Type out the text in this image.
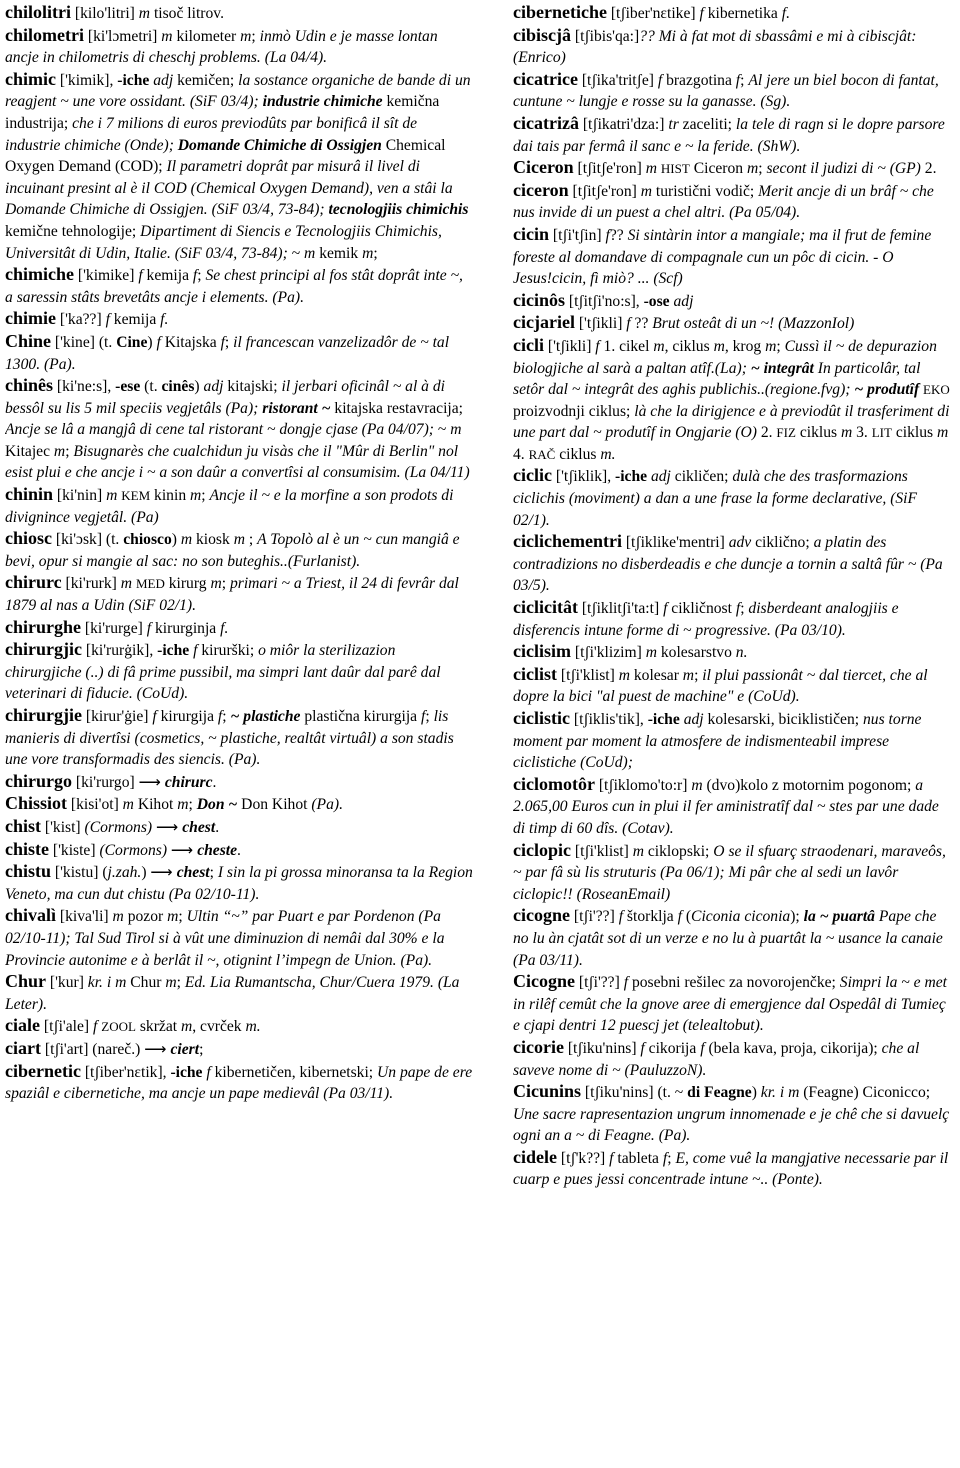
chilolitri [kilo'litri] m tisoč litrov.

chilometri [ki'lɔmetri] m kilometer m; inmò Udin e je masse lontan ancje in chilometris di cheschj problems. (La 04/4).

chimic ['kimik], -iche adj kemičen; la sostance organiche de bande di un reagjent ~ une vore ossidant. (SiF 03/4); industrie chimiche kemična industrija; che i 7 milions di euros previodûts par bonificâ il sît de industrie chimiche (Onde); Domande Chimiche di Ossigjen Chemical Oxygen Demand (COD); Il parametri doprât par misurâ il livel di incuinant presint al è il COD (Chemical Oxygen Demand), ven a stâi la Domande Chimiche di Ossigjen. (SiF 03/4, 73-84); tecnologjiis chimichis kemične tehnologije; Dipartiment di Siencis e Tecnologjiis Chimichis, Universitât di Udin, Italie. (SiF 03/4, 73-84); ~ m kemik m;

chimiche ['kimike] f kemija f; Se chest principi al fos stât doprât inte ~, a saressin stâts brevetâts ancje i elements. (Pa).

chimie ['ka??] f kemija f.

Chine ['kine] (t. Cine) f Kitajska f; il francescan vanzelizadôr de ~ tal 1300. (Pa).

chinês [ki'ne:s], -ese (t. cinês) adj kitajski; il jerbari oficinâl ~ al à di bessôl su lis 5 mil speciis vegjetâls (Pa); ristorant ~ kitajska restavracija; Ancje se lâ a mangjâ di cene tal ristorant ~ dongje cjase (Pa 04/07); ~ m Kitajec m; Bisugnarès che cualchidun ju visàs che il "Mûr di Berlin" nol esist plui e che ancje i ~ a son daûr a convertîsi al consumisim. (La 04/11)

chinin [ki'nin] m KEM kinin m; Ancje il ~ e la morfine a son prodots di divignince vegjetâl. (Pa)

chiosc [ki'ɔsk] (t. chiosco) m kiosk m ; A Topolò al è un ~ cun mangiâ e bevi, opur si mangie al sac: no son buteghis..(Furlanist).

chirurc [ki'rurk] m MED kirurg m; primari ~ a Triest, il 24 di fevrâr dal 1879 al nas a Udin (SiF 02/1).

chirurghe [ki'rurge] f kirurginja f.

chirurgjic [ki'rurġik], -iche f kirurški; o miôr la sterilizazion chirurgjiche (..) di fâ prime pussibil, ma simpri lant daûr dal parê dal veterinari di fiducie. (CoUd).

chirurgjie [kirur'ġie] f kirurgija f; ~ plastiche plastična kirurgija f; lis manieris di divertîsi (cosmetics, ~ plastiche, realtât virtuâl) a son stadis une vore transformadis des siencis. (Pa).

chirurgo [ki'rurgo] ⟶ chirurc.

Chissiot [kisi'ot] m Kihot m; Don ~ Don Kihot (Pa).

chist ['kist] (Cormons) ⟶ chest.

chiste ['kiste] (Cormons) ⟶ cheste.

chistu ['kistu] (j.zah.) ⟶ chest; I sin la pi grossa minoransa ta la Region Veneto, ma cun dut chistu (Pa 02/10-11).

chivalì [kiva'li] m pozor m; Ultin “~” par Puart e par Pordenon (Pa 02/10-11); Tal Sud Tirol si à vût une diminuzion di nemâi dal 30% e la Provincie autonime e à berlât il ~, otignint l’impegn de Union. (Pa).

Chur ['kur] kr. i m Chur m; Ed. Lia Rumantscha, Chur/Cuera 1979. (La Leter).

ciale [tʃi'ale] f ZOOL skržat m, cvrček m.

ciart [tʃi'art] (nareč.) ⟶ ciert;

cibernetic [tʃiber'nɛtik], -iche f kibernetičen, kibernetski; Un pape de ere spaziâl e cibernetiche, ma ancje un pape medievâl (Pa 03/11).

cibernetiche [tʃiber'nɛtike] f kibernetika f.

cibiscjâ [tʃibis'qa:]?? Mi à fat mot di sbassâmi e mi à cibiscjât: (Enrico)

cicatrice [tʃika'tritʃe] f brazgotina f; Al jere un biel bocon di fantat, cuntune ~ lungje e rosse su la ganasse. (Sg).

cicatrizâ [tʃikatri'dza:] tr zaceliti; la tele di ragn si le dopre parsore dai tais par fermâ il sanc e ~ la feride. (ShW).

Ciceron [tʃitʃe'ron] m HIST Ciceron m; secont il judizi di ~ (GP) 2.

ciceron [tʃitʃe'ron] m turistični vodič; Merit ancje di un brâf ~ che nus invide di un puest a chel altri. (Pa 05/04).

cicin [tʃi'tʃin] f?? Si sintàrin intor a mangiale; ma il frut de femine foreste al domandave di compagnale cun un pôc di cicin. - O Jesus!cicin, fì miò? ... (Scf)

cicinôs [tʃitʃi'no:s], -ose adj

cicjariel ['tʃikli] f ?? Brut osteât di un ~! (MazzonIol)

cicli ['tʃikli] f 1. cikel m, ciklus m, krog m; Cussì il ~ de depurazion biologjiche al sarà a paltan atîf.(La); ~ integrât In particolâr, tal setôr dal ~ integrât des aghis publichis..(regione.fvg); ~ produtîf EKO proizvodnji ciklus; là che la dirigjence e à previodût il trasferiment di une part dal ~ produtîf in Ongjarie (O) 2. FIZ ciklus m 3. LIT ciklus m 4. RAČ ciklus m.

ciclic ['tʃiklik], -iche adj cikličen; dulà che des trasformazions ciclichis (moviment) a dan a une frase la forme declarative, (SiF 02/1).

ciclichementri [tʃiklike'mentri] adv ciklično; a platin des contradizions no disberdeadis e che duncje a tornin a saltâ fûr ~ (Pa 03/5).

ciclicitât [tʃiklitʃi'ta:t] f cikličnost f; disberdeant analogjiis e disferencis intune forme di ~ progressive. (Pa 03/10).

ciclisim [tʃi'klizim] m kolesarstvo n.

ciclist [tʃi'klist] m kolesar m; il plui passionât ~ dal tiercet, che al dopre la bici "al puest de machine" e (CoUd).

ciclistic [tʃiklis'tik], -iche adj kolesarski, biciklističen; nus torne moment par moment la atmosfere de indismenteabil imprese ciclistiche (CoUd);

ciclomotôr [tʃiklomo'to:r] m (dvo)kolo z motornim pogonom; a 2.065,00 Euros cun in plui il fer aministratîf dal ~ stes par une dade di timp di 60 dîs. (Cotav).

ciclopic [tʃi'klist] m ciklopski; O se il sfuarç straodenari, maraveôs, ~ par fâ sù lis struturis (Pa 06/1); Mi pâr che al sedi un lavôr ciclopic!! (RoseanEmail)

cicogne [tʃi'??] f štorklja f (Ciconia ciconia); la ~ puartâ Pape che no lu àn cjatât sot di un verze e no lu à puartât la ~ usance la canaie (Pa 03/11).

Cicogne [tʃi'??] f posebni rešilec za novorojenčke; Simpri la ~ e met in rilêf cemût che la gnove aree di emergjence dal Ospedâl di Tumieç e cjapi dentri 12 puescj jet (telealtobut).

cicorie [tʃiku'nins] f cikorija f (bela kava, proja, cikorija); che al saveve nome di ~ (PauluzzoN).

Cicunins [tʃiku'nins] (t. ~ di Feagne) kr. i m (Feagne) Ciconicco; Une sacre rapresentazion ungrum innomenade e je chê che si davuelç ogni an a ~ di Feagne. (Pa).

cidele [tʃ'k??] f tableta f; E, come vuê la mangjative necessarie par il cuarp e pues jessi concentrade intune ~.. (Ponte).
